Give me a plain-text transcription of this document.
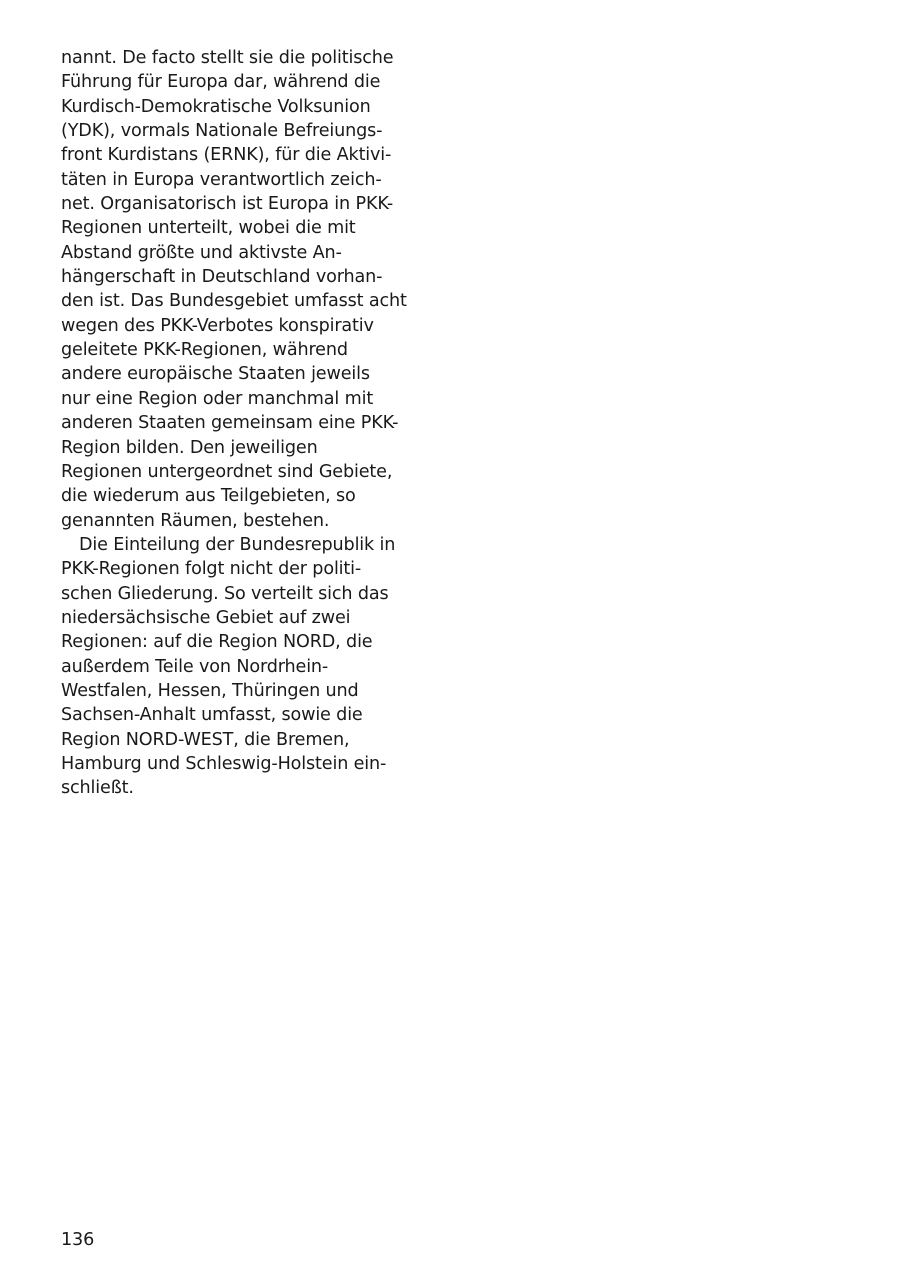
nannt. De facto stellt sie die politische
Führung für Europa dar, während die
Kurdisch-Demokratische Volksunion
(YDK), vormals Nationale Befreiungs-
front Kurdistans (ERNK), für die Aktivi-
täten in Europa verantwortlich zeich-
net. Organisatorisch ist Europa in PKK-
Regionen unterteilt, wobei die mit
Abstand größte und aktivste An-
hängerschaft in Deutschland vorhan-
den ist. Das Bundesgebiet umfasst acht
wegen des PKK-Verbotes konspirativ
geleitete PKK-Regionen, während
andere europäische Staaten jeweils
nur eine Region oder manchmal mit
anderen Staaten gemeinsam eine PKK-
Region bilden. Den jeweiligen
Regionen untergeordnet sind Gebiete,
die wiederum aus Teilgebieten, so
genannten Räumen, bestehen.
Die Einteilung der Bundesrepublik in
PKK-Regionen folgt nicht der politi-
schen Gliederung. So verteilt sich das
niedersächsische Gebiet auf zwei
Regionen: auf die Region NORD, die
außerdem Teile von Nordrhein-
Westfalen, Hessen, Thüringen und
Sachsen-Anhalt umfasst, sowie die
Region NORD-WEST, die Bremen,
Hamburg und Schleswig-Holstein ein-
schließt.
136
